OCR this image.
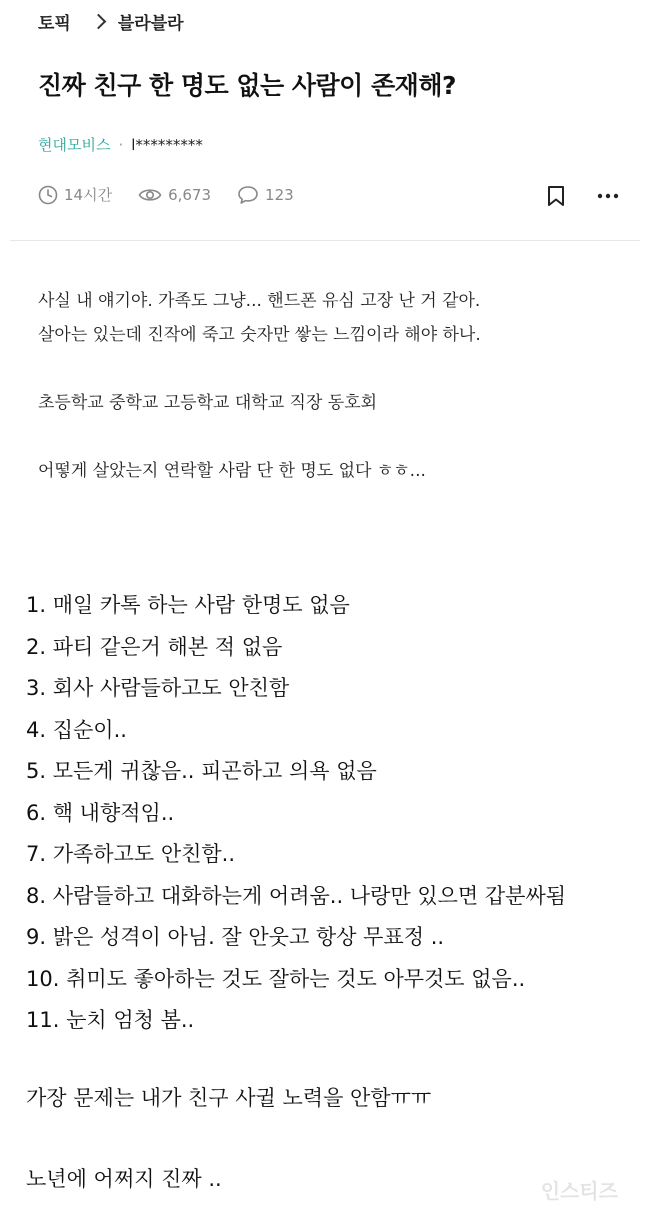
토픽	블라블라
진짜 친구 한 명도 없는 사람이 존재해?
현대모비스 · l*********
14시간	6,673	123
사실 내 얘기야. 가족도 그냥... 핸드폰 유심 고장 난 거 같아.
살아는 있는데 진작에 죽고 숫자만 쌓는 느낌이라 해야 하나.
초등학교 중학교 고등학교 대학교 직장 동호회
어떻게 살았는지 연락할 사람 단 한 명도 없다 ㅎㅎ...
1. 매일 카톡 하는 사람 한명도 없음
2. 파티 같은거 해본 적 없음
3. 회사 사람들하고도 안친함
4. 집순이..
5. 모든게 귀찮음.. 피곤하고 의욕 없음
6. 핵 내향적임..
7. 가족하고도 안친함..
8. 사람들하고 대화하는게 어려움.. 나랑만 있으면 갑분싸됨
9. 밝은 성격이 아님. 잘 안웃고 항상 무표정 ..
10. 취미도 좋아하는 것도 잘하는 것도 아무것도 없음..
11. 눈치 엄청 봄..
가장 문제는 내가 친구 사귈 노력을 안함ㅠㅠ
노년에 어쩌지 진짜 ..	인스티즈
